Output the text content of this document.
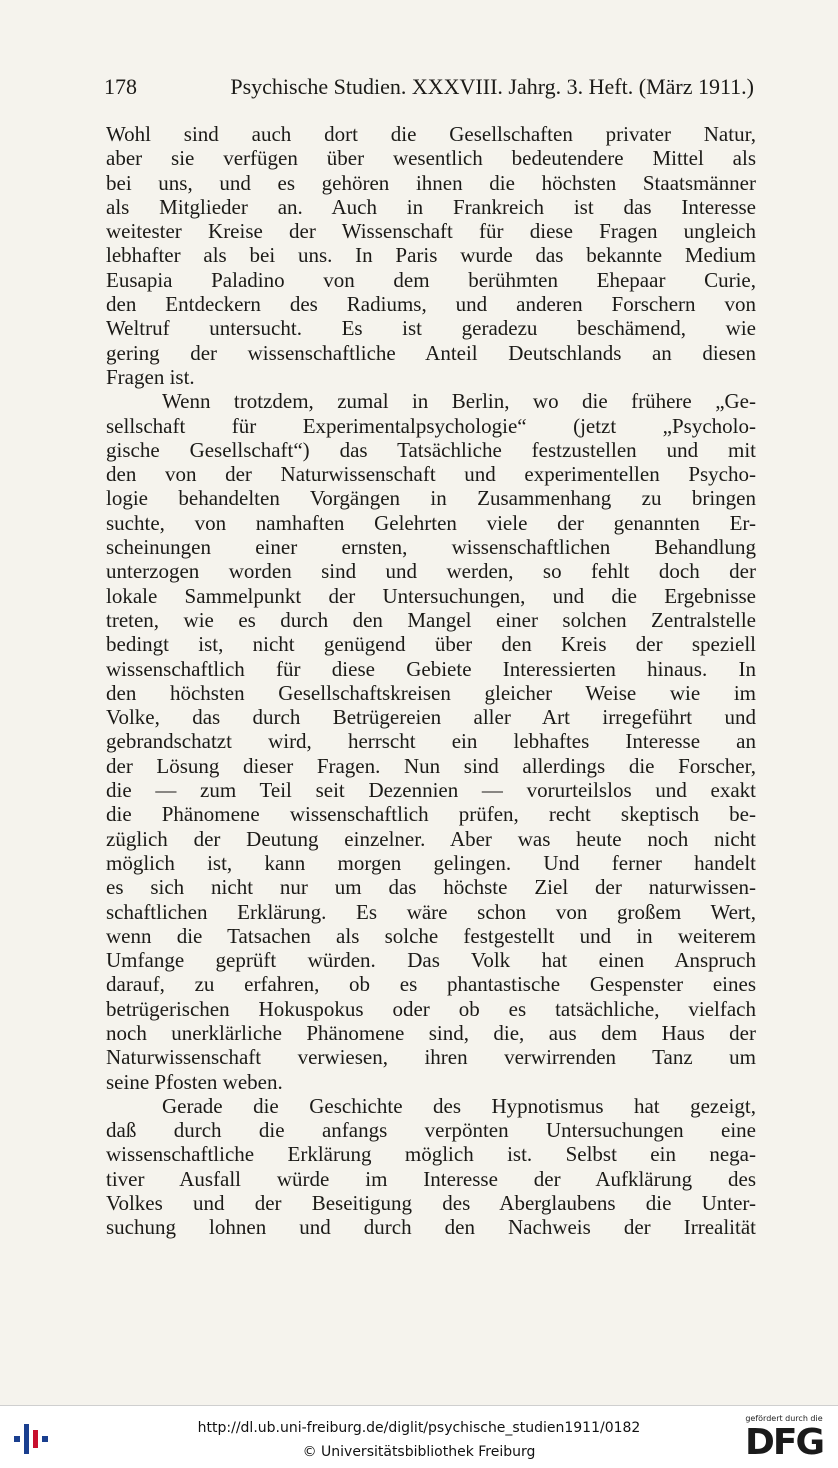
178	Psychische Studien. XXXVIII. Jahrg. 3. Heft. (März 1911.)
Wohl sind auch dort die Gesellschaften privater Natur,
aber sie verfügen über wesentlich bedeutendere Mittel als
bei uns, und es gehören ihnen die höchsten Staatsmänner
als Mitglieder an. Auch in Frankreich ist das Interesse
weitester Kreise der Wissenschaft für diese Fragen ungleich
lebhafter als bei uns. In Paris wurde das bekannte Medium
Eusapia Paladino von dem berühmten Ehepaar Curie,
den Entdeckern des Radiums, und anderen Forschern von
Weltruf untersucht. Es ist geradezu beschämend, wie
gering der wissenschaftliche Anteil Deutschlands an diesen
Fragen ist.
Wenn trotzdem, zumal in Berlin, wo die frühere „Ge-
sellschaft für Experimentalpsychologie“ (jetzt „Psycholo-
gische Gesellschaft“) das Tatsächliche festzustellen und mit
den von der Naturwissenschaft und experimentellen Psycho-
logie behandelten Vorgängen in Zusammenhang zu bringen
suchte, von namhaften Gelehrten viele der genannten Er-
scheinungen einer ernsten, wissenschaftlichen Behandlung
unterzogen worden sind und werden, so fehlt doch der
lokale Sammelpunkt der Untersuchungen, und die Ergebnisse
treten, wie es durch den Mangel einer solchen Zentralstelle
bedingt ist, nicht genügend über den Kreis der speziell
wissenschaftlich für diese Gebiete Interessierten hinaus. In
den höchsten Gesellschaftskreisen gleicher Weise wie im
Volke, das durch Betrügereien aller Art irregeführt und
gebrandschatzt wird, herrscht ein lebhaftes Interesse an
der Lösung dieser Fragen. Nun sind allerdings die Forscher,
die — zum Teil seit Dezennien — vorurteilslos und exakt
die Phänomene wissenschaftlich prüfen, recht skeptisch be-
züglich der Deutung einzelner. Aber was heute noch nicht
möglich ist, kann morgen gelingen. Und ferner handelt
es sich nicht nur um das höchste Ziel der naturwissen-
schaftlichen Erklärung. Es wäre schon von großem Wert,
wenn die Tatsachen als solche festgestellt und in weiterem
Umfange geprüft würden. Das Volk hat einen Anspruch
darauf, zu erfahren, ob es phantastische Gespenster eines
betrügerischen Hokuspokus oder ob es tatsächliche, vielfach
noch unerklärliche Phänomene sind, die, aus dem Haus der
Naturwissenschaft verwiesen, ihren verwirrenden Tanz um
seine Pfosten weben.
Gerade die Geschichte des Hypnotismus hat gezeigt,
daß durch die anfangs verpönten Untersuchungen eine
wissenschaftliche Erklärung möglich ist. Selbst ein nega-
tiver Ausfall würde im Interesse der Aufklärung des
Volkes und der Beseitigung des Aberglaubens die Unter-
suchung lohnen und durch den Nachweis der Irrealität
http://dl.ub.uni-freiburg.de/diglit/psychische_studien1911/0182
© Universitätsbibliothek Freiburg
gefördert durch die
DFG
